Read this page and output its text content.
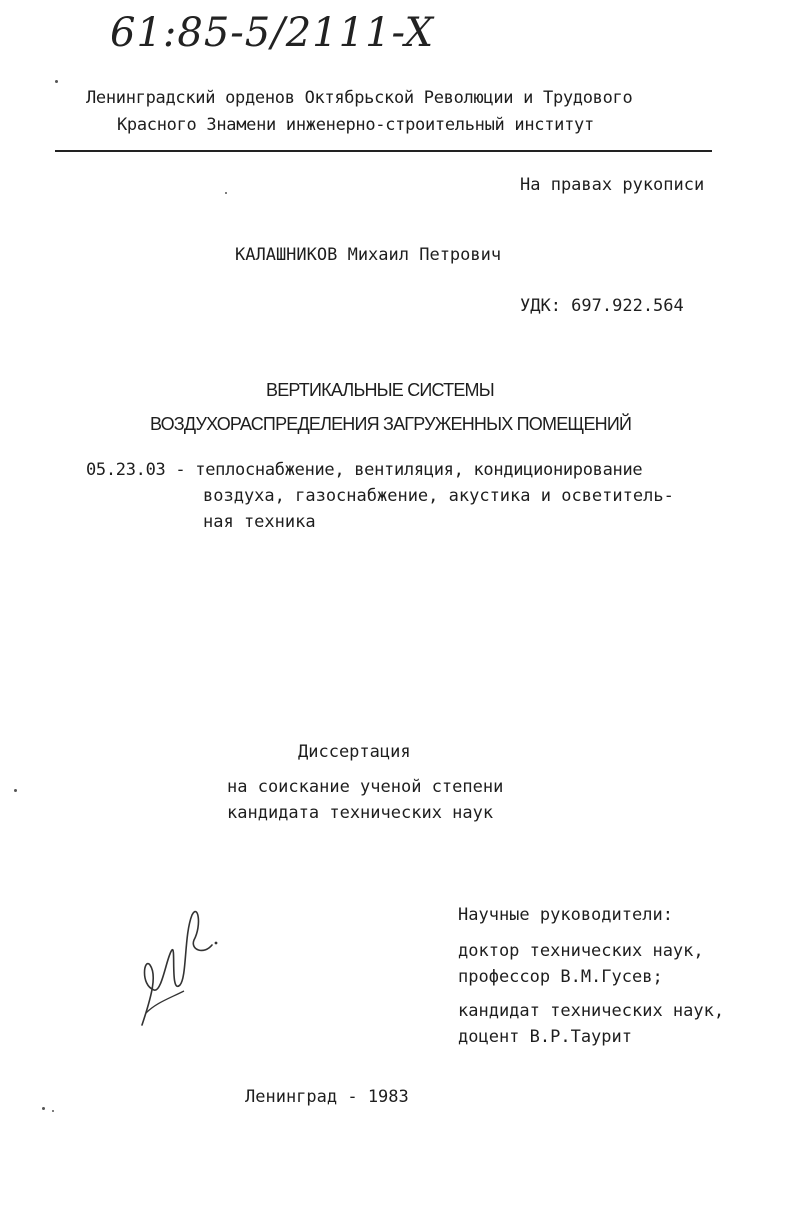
61:85-5/2111-X
Ленинградский орденов Октябрьской Революции и Трудового
Красного Знамени инженерно-строительный институт
На правах рукописи
КАЛАШНИКОВ Михаил Петрович
УДК: 697.922.564
ВЕРТИКАЛЬНЫЕ СИСТЕМЫ
ВОЗДУХОРАСПРЕДЕЛЕНИЯ ЗАГРУЖЕННЫХ ПОМЕЩЕНИЙ
05.23.03 - теплоснабжение, вентиляция, кондиционирование
воздуха, газоснабжение, акустика и осветитель-
ная техника
Диссертация
на соискание ученой степени
кандидата технических наук
Научные руководители:
доктор технических наук,
профессор В.М.Гусев;
кандидат технических наук,
доцент В.Р.Таурит
Ленинград - 1983
